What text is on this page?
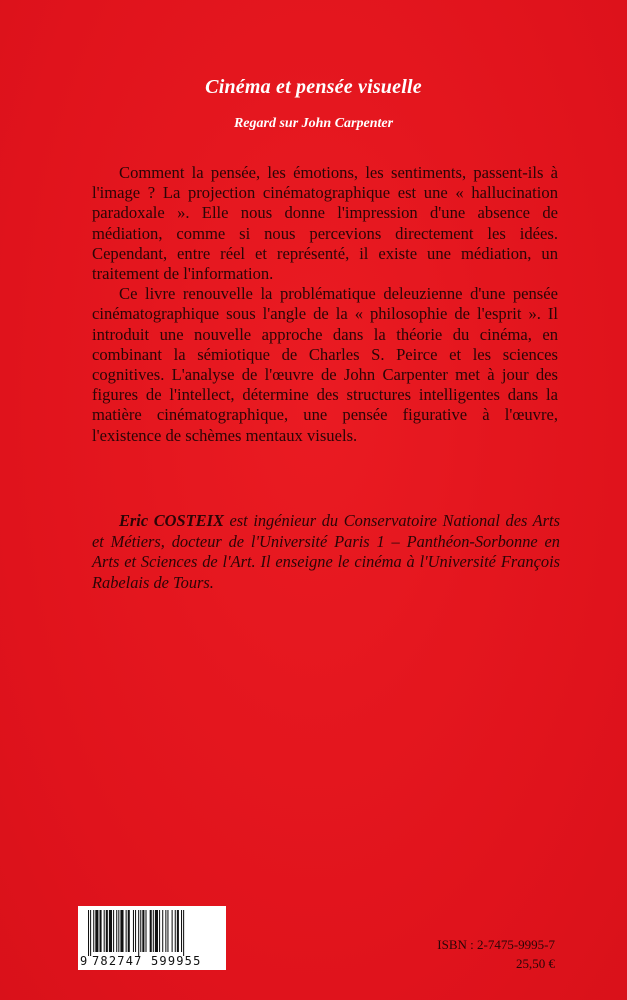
Cinéma et pensée visuelle
Regard sur John Carpenter

Comment la pensée, les émotions, les sentiments, passent-ils à l'image ? La projection cinématographique est une « hallucination paradoxale ». Elle nous donne l'impression d'une absence de médiation, comme si nous percevions directement les idées. Cependant, entre réel et représenté, il existe une médiation, un traitement de l'information.

Ce livre renouvelle la problématique deleuzienne d'une pensée cinématographique sous l'angle de la « philosophie de l'esprit ». Il introduit une nouvelle approche dans la théorie du cinéma, en combinant la sémiotique de Charles S. Peirce et les sciences cognitives. L'analyse de l'œuvre de John Carpenter met à jour des figures de l'intellect, détermine des structures intelligentes dans la matière cinématographique, une pensée figurative à l'œuvre, l'existence de schèmes mentaux visuels.

Eric COSTEIX est ingénieur du Conservatoire National des Arts et Métiers, docteur de l'Université Paris 1 – Panthéon-Sorbonne en Arts et Sciences de l'Art. Il enseigne le cinéma à l'Université François Rabelais de Tours.
9 782747 599955
ISBN : 2-7475-9995-7
25,50 €
